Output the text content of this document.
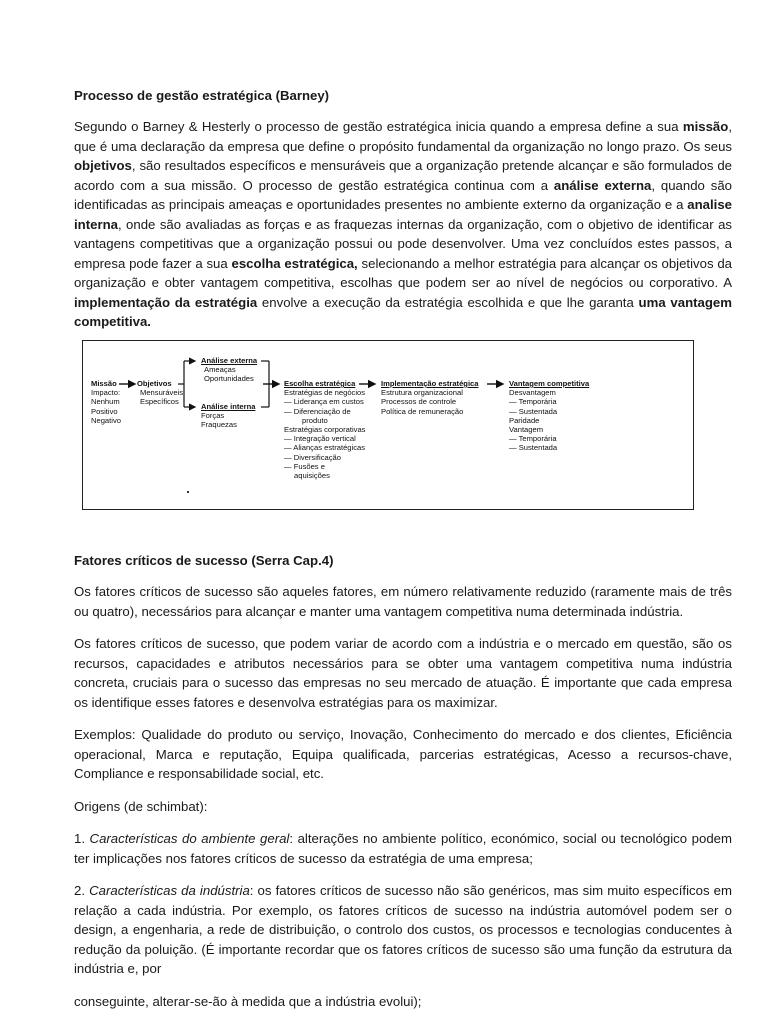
Processo de gestão estratégica (Barney)

Segundo o Barney & Hesterly o processo de gestão estratégica inicia quando a empresa define a sua missão, que é uma declaração da empresa que define o propósito fundamental da organização no longo prazo. Os seus objetivos, são resultados específicos e mensuráveis que a organização pretende alcançar e são formulados de acordo com a sua missão. O processo de gestão estratégica continua com a análise externa, quando são identificadas as principais ameaças e oportunidades presentes no ambiente externo da organização e a analise interna, onde são avaliadas as forças e as fraquezas internas da organização, com o objetivo de identificar as vantagens competitivas que a organização possui ou pode desenvolver. Uma vez concluídos estes passos, a empresa pode fazer a sua escolha estratégica, selecionando a melhor estratégia para alcançar os objetivos da organização e obter vantagem competitiva, escolhas que podem ser ao nível de negócios ou corporativo. A implementação da estratégia envolve a execução da estratégia escolhida e que lhe garanta uma vantagem competitiva.

Missão
Impacto:
Nenhum
Positivo
Negativo
Objetivos
Mensuráveis
Específicos
Análise externa
Ameaças
Oportunidades
Análise interna
Forças
Fraquezas
Escolha estratégica
Estratégias de negócios
— Liderança em custos
— Diferenciação de
produto
Estratégias corporativas
— Integração vertical
— Alianças estratégicas
— Diversificação
— Fusões e
aquisições
Implementação estratégica
Estrutura organizacional
Processos de controle
Política de remuneração
Vantagem competitiva
Desvantagem
— Temporária
— Sustentada
Paridade
Vantagem
— Temporária
— Sustentada

Fatores críticos de sucesso (Serra Cap.4)

Os fatores críticos de sucesso são aqueles fatores, em número relativamente reduzido (raramente mais de três ou quatro), necessários para alcançar e manter uma vantagem competitiva numa determinada indústria.

Os fatores críticos de sucesso, que podem variar de acordo com a indústria e o mercado em questão, são os recursos, capacidades e atributos necessários para se obter uma vantagem competitiva numa indústria concreta, cruciais para o sucesso das empresas no seu mercado de atuação. É importante que cada empresa os identifique esses fatores e desenvolva estratégias para os maximizar.

Exemplos: Qualidade do produto ou serviço, Inovação, Conhecimento do mercado e dos clientes, Eficiência operacional, Marca e reputação, Equipa qualificada, parcerias estratégicas, Acesso a recursos-chave, Compliance e responsabilidade social, etc.

Origens (de schimbat):

1. Características do ambiente geral: alterações no ambiente político, económico, social ou tecnológico podem ter implicações nos fatores críticos de sucesso da estratégia de uma empresa;

2. Características da indústria: os fatores críticos de sucesso não são genéricos, mas sim muito específicos em relação a cada indústria. Por exemplo, os fatores críticos de sucesso na indústria automóvel podem ser o design, a engenharia, a rede de distribuição, o controlo dos custos, os processos e tecnologias conducentes à redução da poluição. (É importante recordar que os fatores críticos de sucesso são uma função da estrutura da indústria e, por

conseguinte, alterar-se-ão à medida que a indústria evolui);
